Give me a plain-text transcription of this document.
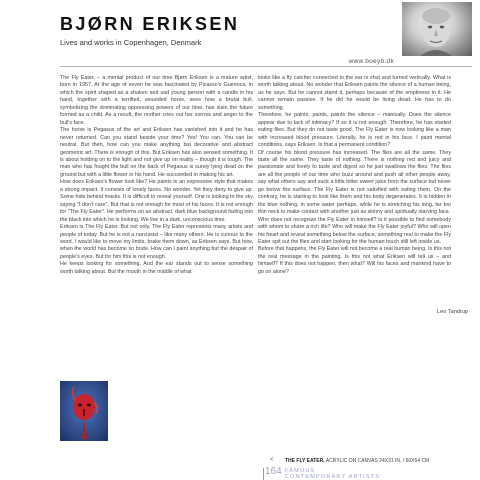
BJØRN ERIKSEN
Lives and works in Copenhagen, Denmark
www.boeyb.dk

The Fly Eater, – a mental product of our time Bjørn Eriksen is a mature artist, born in 1957. At the age of seven he was fascinated by Picasso's Guernica, in which the spirit shaped as a shaken and sad young person with a candle in his hand, together with a terrified, wounded horse, sees how a brutal bull, symbolizing the dominating oppressing powers of our time, has slain the future formed as a child. As a result, the mother cries out her sorrow and anger to the bull's face.

The horse is Pegasus of the art and Eriksen has vanished into it and he has never returned. Can you stand beside your time? Yes! You can. You can be neutral. But then, how can you make anything but decorative and abstract geometric art. There is enough of this. But Eriksen has also sensed something. It is about holding on to the light and not give up on reality – though it is tough. The man who has fought the bull on the back of Pegasus is surely lying dead on the ground but with a little flower in his hand. He succeeded in making his art.

How does Eriksen's flower look like? He paints in an expressive style that makes a strong impact. It consists of lonely faces. No wonder. Yet they deny to give up. Some hide behind masks. It is difficult to reveal yourself. One is looking to the sky saying "I don't care". But that is not enough for most of his faces. It is not enough for "The Fly Eater". He performs on an abstract, dark blue background fading into the black into which he is looking. We live in a dark, unconscious time.

Eriksen is The Fly Eater. But not only. The Fly Eater represents many artists and people of today. But he is not a narcissist – like many others. He is curious to the word. I would like to move my limits, brake them down, as Eriksen says. But how, when the world has become so brute. How can I paint anything but the despair of people's eyes. But for him this is not enough.

He keeps looking for something. And the ear stands out to sense something worth talking about. But the mouth in the middle of what

looks like a fly catcher connected to the ear is shut and turned vertically. What is worth talking about. No wonder that Eriksen paints the silence of a human being, as he says. But he cannot stand it, perhaps because of the emptiness in it. He cannot remain passive. If he did he would be living dead. He has to do something.

Therefore, he paints, paints, paints the silence – manically. Does the silence appear due to lack of intimacy? If so it is not enough. Therefore, he has started eating flies. But they do not taste good. The Fly Eater is now looking like a man with increased blood pressure. Literally, he is red in his face. I paint mental conditions, says Eriksen. Is that a permanent condition?

Of course his blood pressure has increased. The flies are all the same. They taste all the same. They taste of nothing. There is nothing red and juicy and passionate and lovely to taste and digest so he just swallows the flies. The flies are all the people of our time who buzz around and push all other people away, say what others say and suck a little bitter sweet juice from the surface but never go below the surface. The Fly Eater is not satisfied with eating them. On the contrary, he is starting to look like them and his body degenerates. It is hidden in the blue nothing, in some water perhaps, while he is stretching his long, far too thin neck to make contact with another just as skinny and spiritually starving face.

Who does not recognize the Fly Eater in himself? Is it possible to find somebody with whom to share a rich life? Who will make the Fly Eater joyful? Who will open his heart and reveal something below the surface, something real to make the Fly Eater spit out the flies and start looking for the human touch still left inside us.

Before that happens, the Fly Eater will not become a real human being. Is this not the real message in the painting. Is this not what Eriksen will tell us – and himself? If this does not happen, then what? Will his faces and mankind have to go on alone?

Leo Tandrup
< THE FLY EATER, ACRYLIC ON CANVAS 24X31 IN. / 60X54 CM
164 FAMOUS
CONTEMPORARY ARTISTS
